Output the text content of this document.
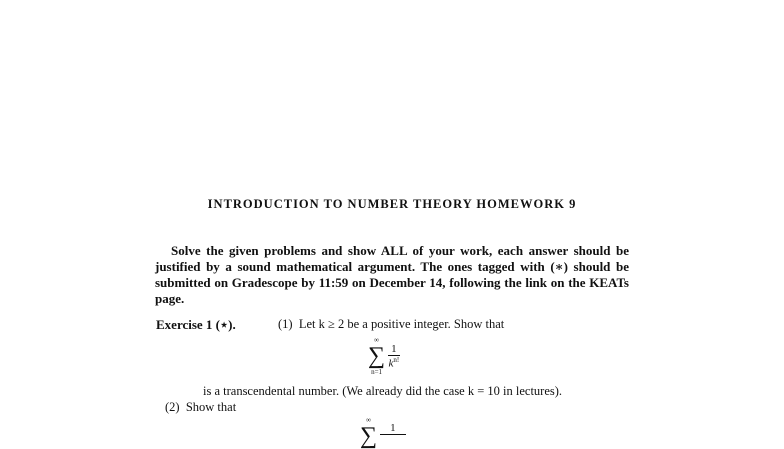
INTRODUCTION TO NUMBER THEORY HOMEWORK 9
Solve the given problems and show ALL of your work, each answer should be justified by a sound mathematical argument. The ones tagged with (∗) should be submitted on Gradescope by 11:59 on December 14, following the link on the KEATs page.
Exercise 1 (⋆).	(1) Let k ≥ 2 be a positive integer. Show that
∞
∑
n=1

$\frac{1}{k^{n!}}$
is a transcendental number. (We already did the case k = 10 in lectures).
(2) Show that
∞
∑
	1
